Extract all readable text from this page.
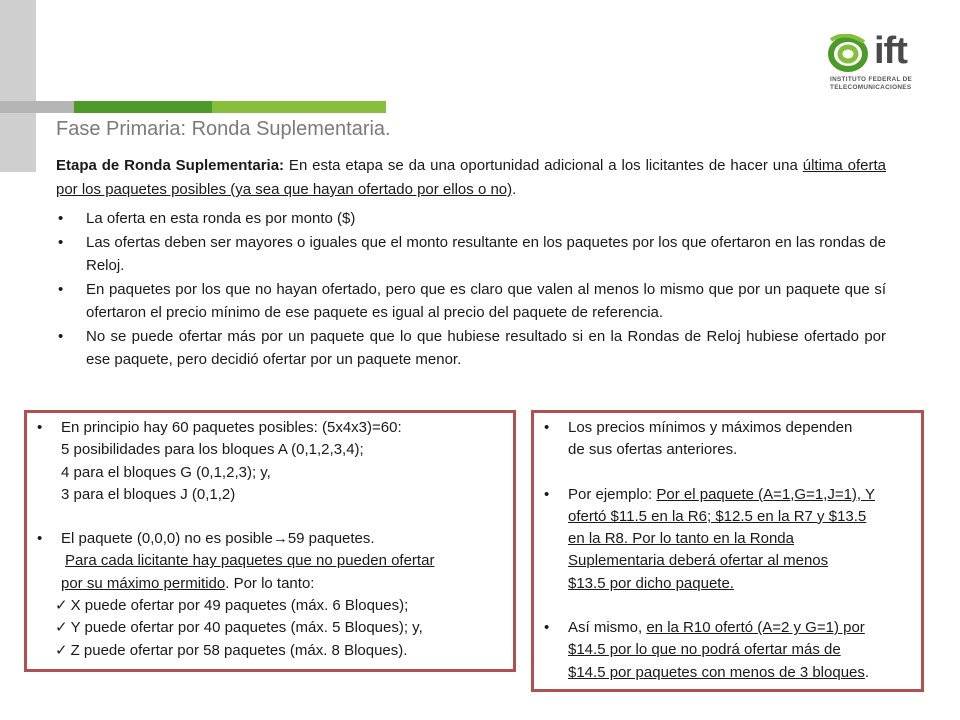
ift
INSTITUTO FEDERAL DE
TELECOMUNICACIONES
Fase Primaria: Ronda Suplementaria.
Etapa de Ronda Suplementaria: En esta etapa se da una oportunidad adicional a los licitantes de hacer una última oferta por los paquetes posibles (ya sea que hayan ofertado por ellos o no).
• La oferta en esta ronda es por monto ($)
• Las ofertas deben ser mayores o iguales que el monto resultante en los paquetes por los que ofertaron en las rondas de Reloj.
• En paquetes por los que no hayan ofertado, pero que es claro que valen al menos lo mismo que por un paquete que sí ofertaron el precio mínimo de ese paquete es igual al precio del paquete de referencia.
• No se puede ofertar más por un paquete que lo que hubiese resultado si en la Rondas de Reloj hubiese ofertado por ese paquete, pero decidió ofertar por un paquete menor.
• En principio hay 60 paquetes posibles: (5x4x3)=60:
5 posibilidades para los bloques A (0,1,2,3,4);
4 para el bloques G (0,1,2,3); y,
3 para el bloques J (0,1,2)
• El paquete (0,0,0) no es posible→59 paquetes.
Para cada licitante hay paquetes que no pueden ofertar
por su máximo permitido. Por lo tanto:
✓ X puede ofertar por 49 paquetes (máx. 6 Bloques);
✓ Y puede ofertar por 40 paquetes (máx. 5 Bloques); y,
✓ Z puede ofertar por 58 paquetes (máx. 8 Bloques).
• Los precios mínimos y máximos dependen
de sus ofertas anteriores.
• Por ejemplo: Por el paquete (A=1,G=1,J=1), Y
ofertó $11.5 en la R6; $12.5 en la R7 y $13.5
en la R8. Por lo tanto en la Ronda
Suplementaria deberá ofertar al menos
$13.5 por dicho paquete.
• Así mismo, en la R10 ofertó (A=2 y G=1) por
$14.5 por lo que no podrá ofertar más de
$14.5 por paquetes con menos de 3 bloques.
